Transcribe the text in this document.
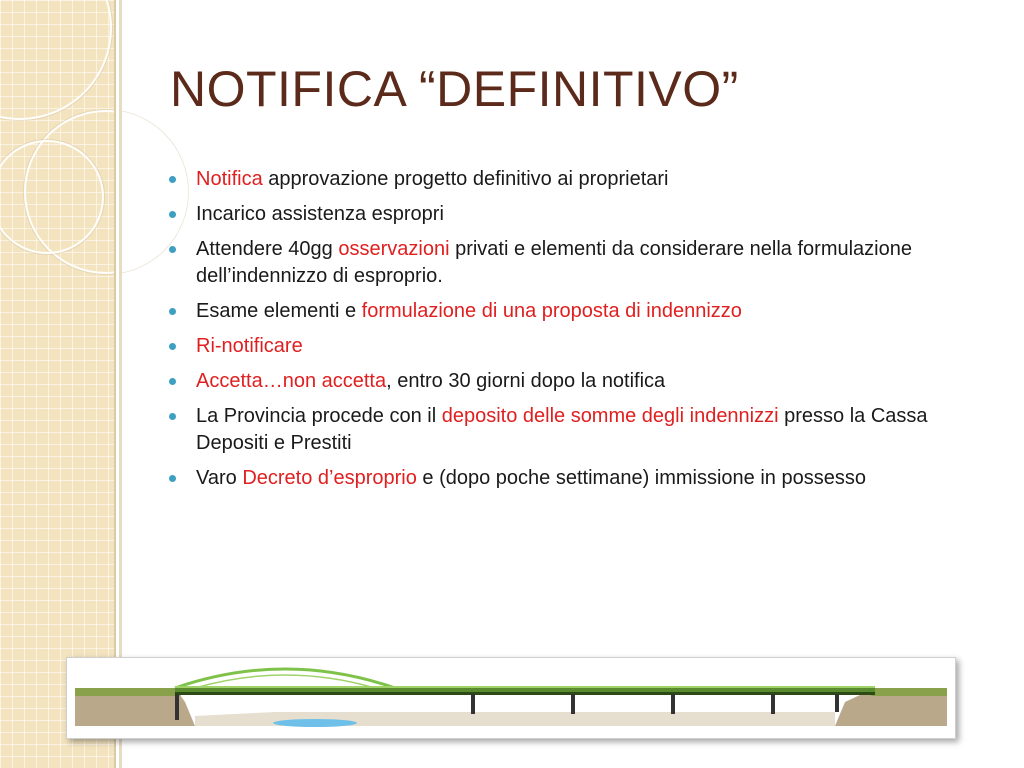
NOTIFICA “DEFINITIVO”
Notifica approvazione progetto definitivo ai proprietari
Incarico assistenza espropri
Attendere 40gg osservazioni privati e elementi da considerare nella formulazione dell’indennizzo di esproprio.
Esame elementi e formulazione di una proposta di indennizzo
Ri-notificare
Accetta…non accetta, entro 30 giorni dopo la notifica
La Provincia procede con il deposito delle somme degli indennizzi presso la Cassa Depositi e Prestiti
Varo Decreto d’esproprio e (dopo poche settimane) immissione in possesso
